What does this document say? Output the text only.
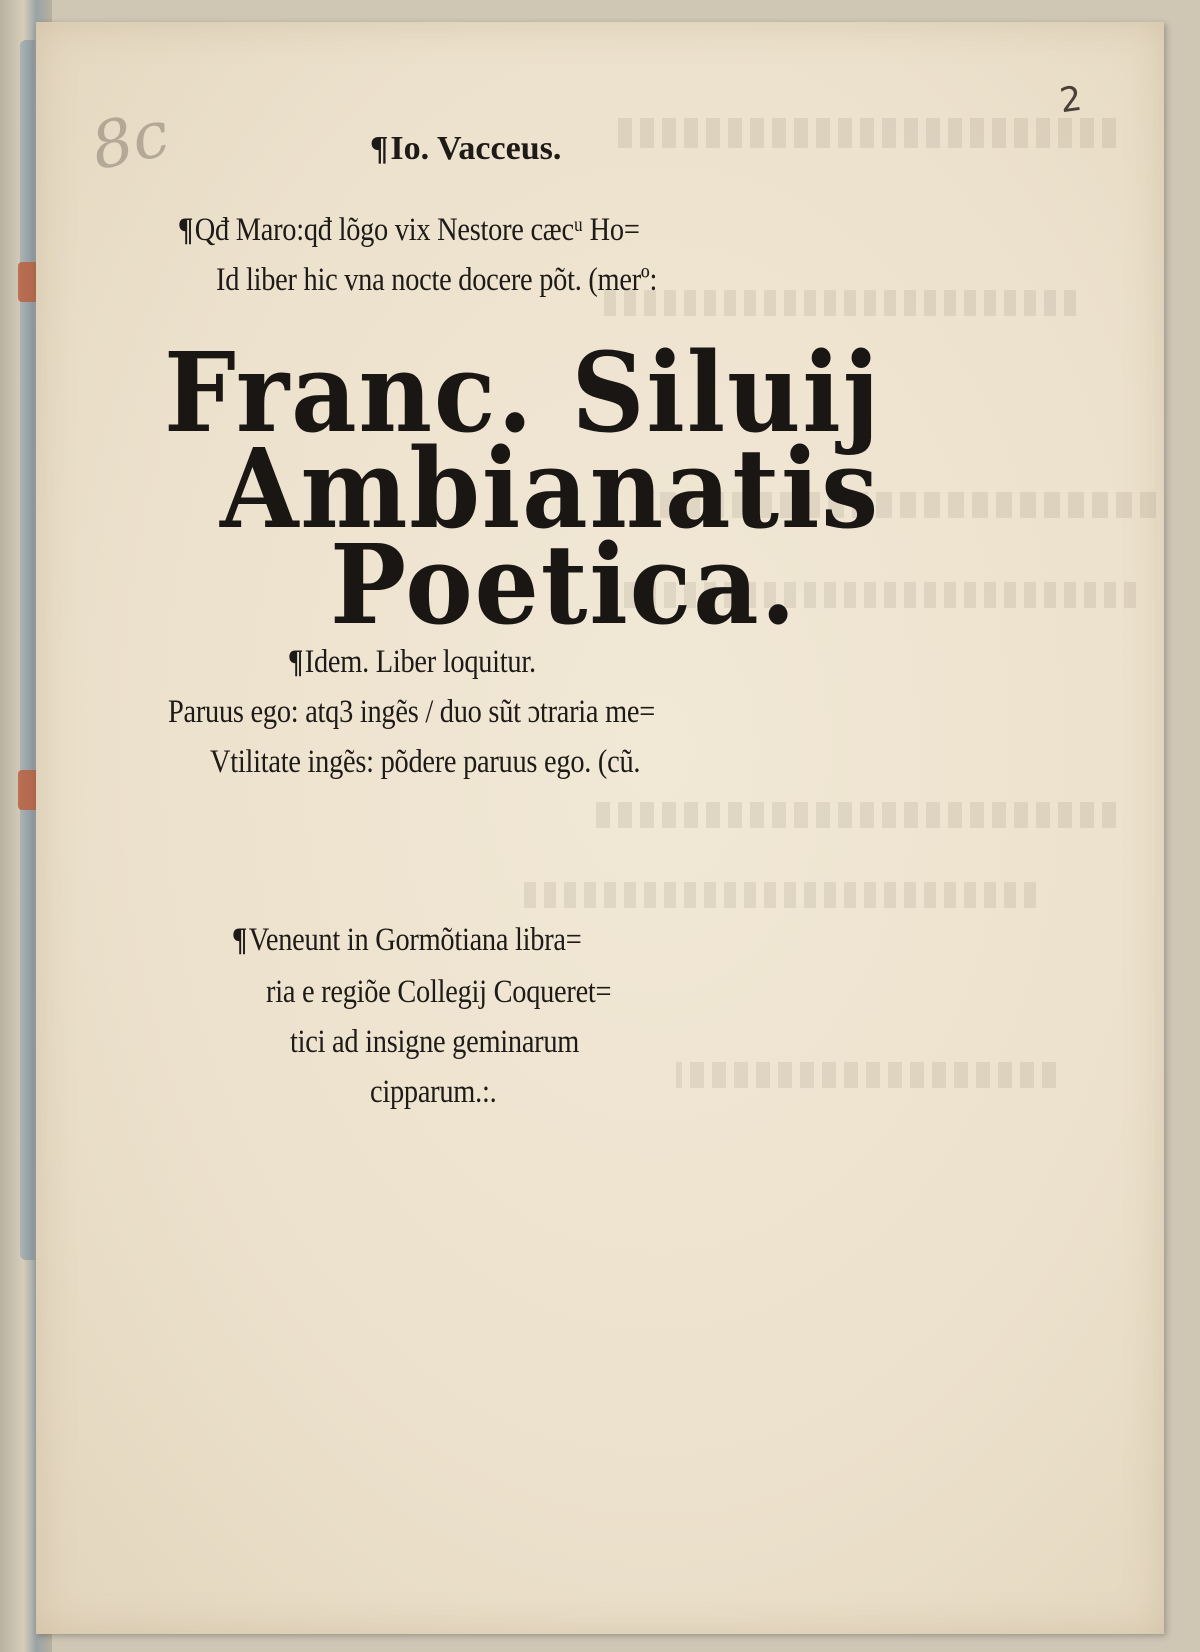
2
8c	¶Io. Vacceus.
¶Qđ Maro:qđ lõgo vix Nestore cæcᵘ Ho=
Id liber hic vna nocte docere põt. (merº:
Franc. Siluij
Ambianatis
Poetica.
¶Idem. Liber loquitur.
Paruus ego: atq3 ingẽs / duo sũt ɔtraria me=
Vtilitate ingẽs: põdere paruus ego. (cũ.
¶Veneunt in Gormõtiana libra=
ria e regiõe Collegij Coqueret=
tici ad insigne geminarum
cipparum.:.
